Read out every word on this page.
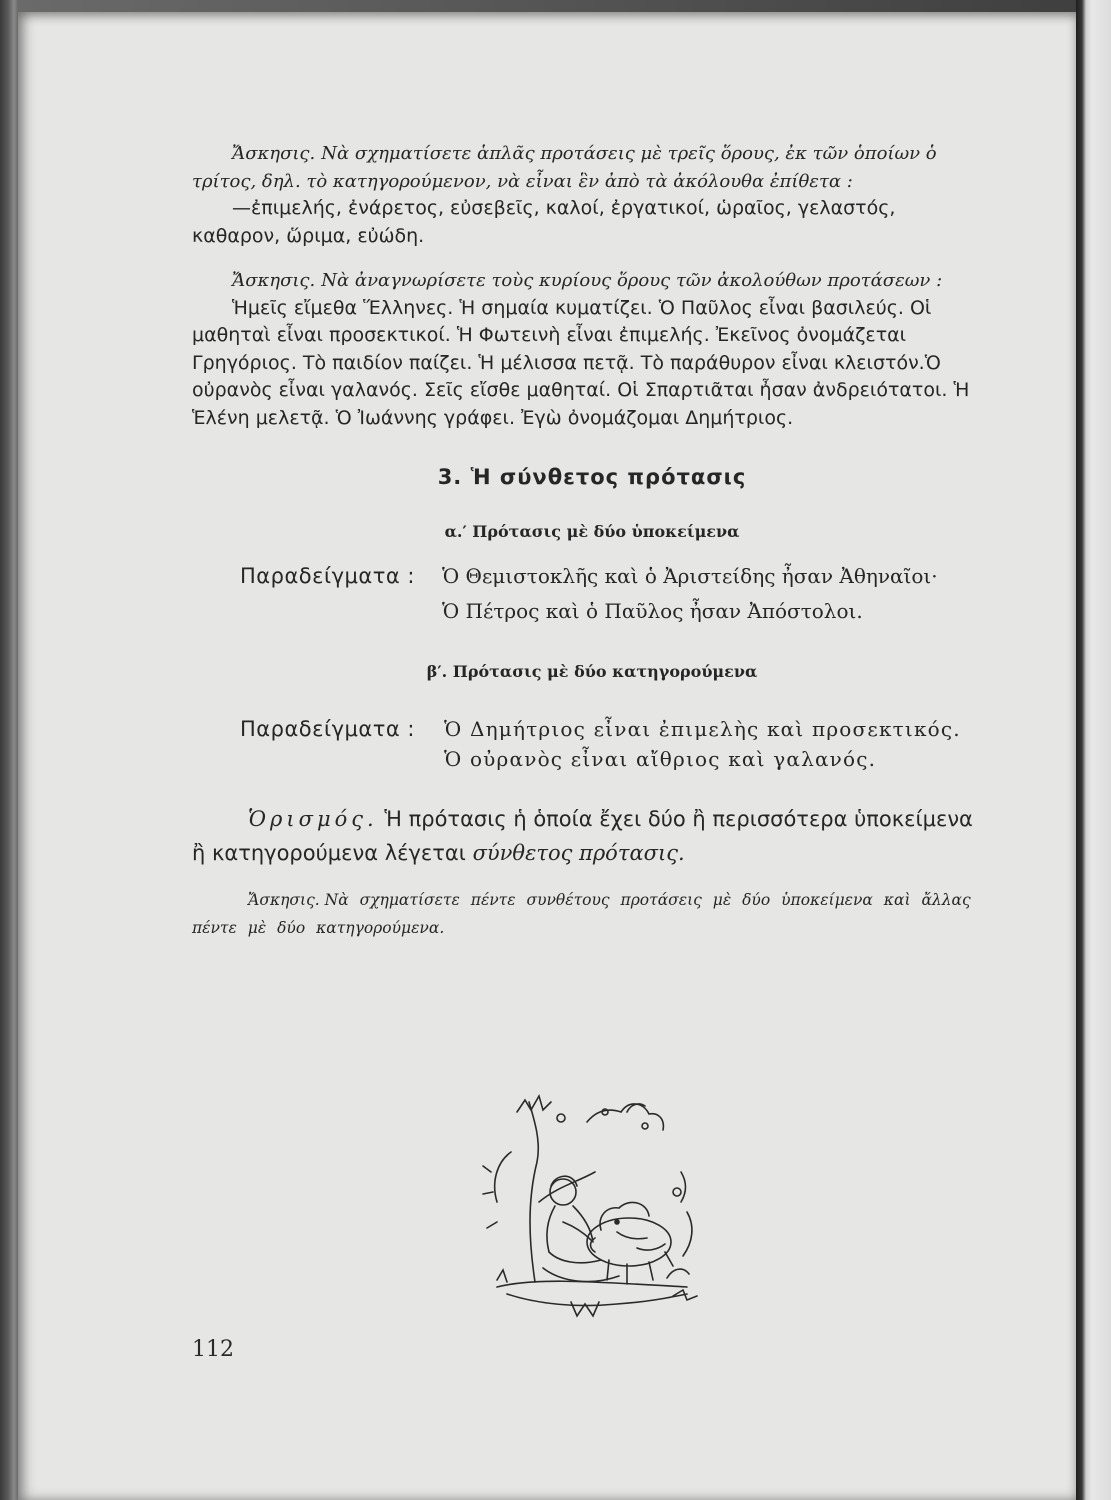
Ἄσκησις. Νὰ σχηματίσετε ἁπλᾶς προτάσεις μὲ τρεῖς ὅρους, ἐκ τῶν ὁποίων ὁ τρίτος, δηλ. τὸ κατηγορούμενον, νὰ εἶναι ἓν ἀπὸ τὰ ἀκόλουθα ἐπίθετα :

—ἐπιμελής, ἐνάρετος, εὐσεβεῖς, καλοί, ἐργατικοί, ὡραῖος, γελαστός, καθαρον, ὥριμα, εὐώδη.

Ἄσκησις. Νὰ ἀναγνωρίσετε τοὺς κυρίους ὅρους τῶν ἀκολούθων προτάσεων :

Ἡμεῖς εἴμεθα Ἕλληνες. Ἡ σημαία κυματίζει. Ὁ Παῦλος εἶναι βασιλεύς. Οἱ μαθηταὶ εἶναι προσεκτικοί. Ἡ Φωτεινὴ εἶναι ἐπιμελής. Ἐκεῖνος ὀνομάζεται Γρηγόριος. Τὸ παιδίον παίζει. Ἡ μέλισσα πετᾷ. Τὸ παράθυρον εἶναι κλειστόν.Ὁ οὐρανὸς εἶναι γαλανός. Σεῖς εἴσθε μαθηταί. Οἱ Σπαρτιᾶται ἦσαν ἀνδρειότατοι. Ἡ Ἑλένη μελετᾷ. Ὁ Ἰωάννης γράφει. Ἐγὼ ὀνομάζομαι Δημήτριος.

3. Ἡ σύνθετος πρότασις
α.′ Πρότασις μὲ δύο ὑποκείμενα
Παραδείγματα : Ὁ Θεμιστοκλῆς καὶ ὁ Ἀριστείδης ἦσαν Ἀθηναῖοι·
Ὁ Πέτρος καὶ ὁ Παῦλος ἦσαν Ἀπόστολοι.
β′. Πρότασις μὲ δύο κατηγορούμενα
Παραδείγματα : Ὁ Δημήτριος εἶναι ἐπιμελὴς καὶ προσεκτικός.
Ὁ οὐρανὸς εἶναι αἴθριος καὶ γαλανός.
Ὁρισμός. Ἡ πρότασις ἡ ὁποία ἔχει δύο ἢ περισσότερα ὑποκείμενα ἢ κατηγορούμενα λέγεται σύνθετος πρότασις.

Ἄσκησις. Νὰ σχηματίσετε πέντε συνθέτους προτάσεις μὲ δύο ὑποκείμενα καὶ ἄλλας πέντε μὲ δύο κατηγορούμενα.

112
